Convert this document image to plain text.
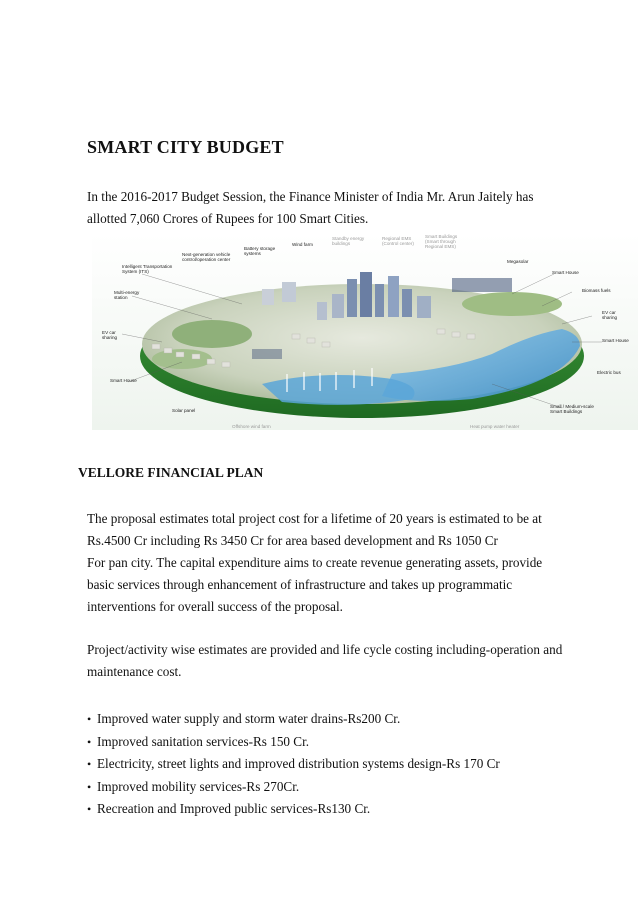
SMART CITY BUDGET
In the 2016-2017 Budget Session, the Finance Minister of India Mr. Arun Jaitely has allotted 7,060 Crores of Rupees for 100 Smart Cities.
Next-generation vehicle
control/operation center
Battery storage
systems
Wind farm
Standby energy
buildings
Regional EMS
(Control center)
Smart Buildings
(Smart through
Regional EMS)
Megasolar
Smart House
Biomass fuels
EV car
sharing
Smart House
Electric bus
Small / Medium-scale
Smart Buildings
Intelligent Transportation
System (ITS)
Multi-energy
station
EV car
sharing
Smart House
Solar panel
Offshore wind farm	Heat pump water heater
VELLORE FINANCIAL PLAN
The proposal estimates total project cost for a lifetime of 20 years is estimated to be at
Rs.4500 Cr including Rs 3450 Cr for area based development and Rs 1050 Cr
For pan city. The capital expenditure aims to create revenue generating assets, provide
basic services through enhancement of infrastructure and takes up programmatic
interventions for overall success of the proposal.
Project/activity wise estimates are provided and life cycle costing including-operation and
maintenance cost.
• Improved water supply and storm water drains-Rs200 Cr.
• Improved sanitation services-Rs 150 Cr.
• Electricity, street lights and improved distribution systems design-Rs 170 Cr
• Improved mobility services-Rs 270Cr.
• Recreation and Improved public services-Rs130 Cr.
